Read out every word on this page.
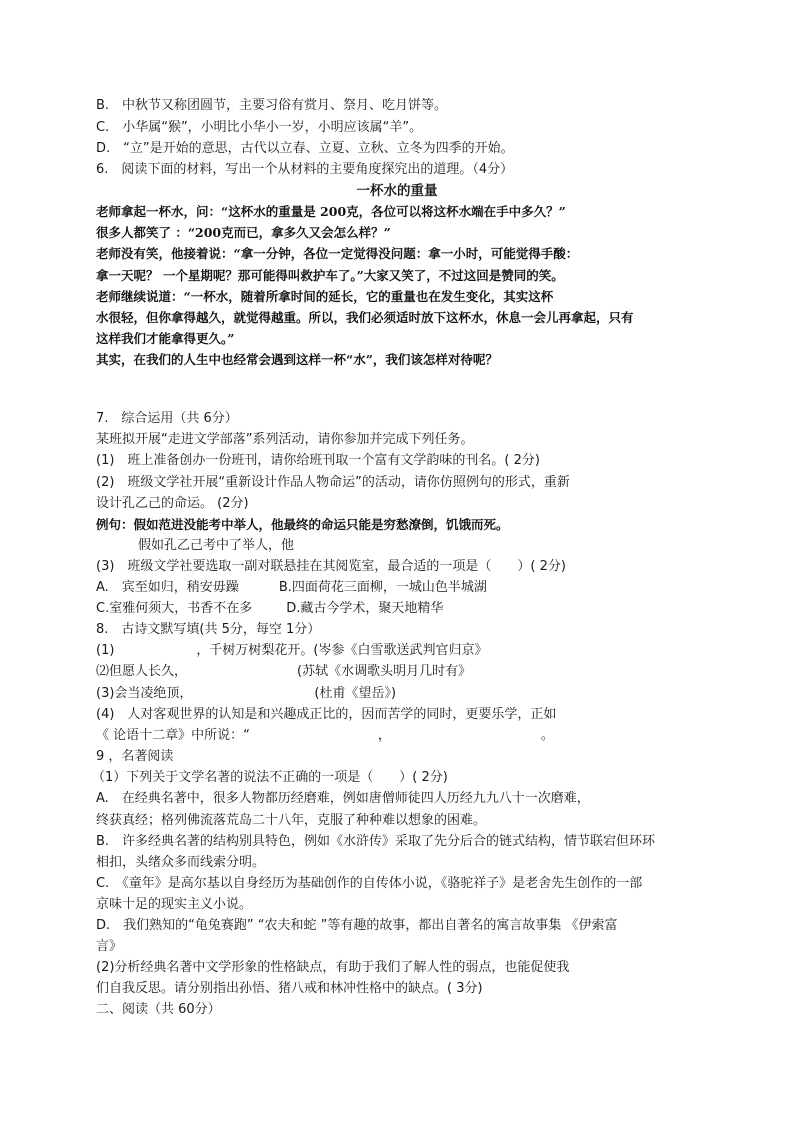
B.　中秋节又称团圆节，主要习俗有赏月、祭月、吃月饼等。
C.　小华属“猴”，小明比小华小一岁，小明应该属“羊”。
D.　“立”是开始的意思，古代以立春、立夏、立秋、立冬为四季的开始。
6.　阅读下面的材料，写出一个从材料的主要角度探究出的道理。（4分）
一杯水的重量
老师拿起一杯水，问：“这杯水的重量是 200克，各位可以将这杯水端在手中多久？”
很多人都笑了 ：“200克而已，拿多久又会怎么样？”
老师没有笑，他接着说：“拿一分钟，各位一定觉得没问题：拿一小时，可能觉得手酸：
拿一天呢？ 一个星期呢？那可能得叫救护车了。”大家又笑了，不过这回是赞同的笑。
老师继续说道：“一杯水，随着所拿时间的延长，它的重量也在发生变化，其实这杯
水很轻，但你拿得越久，就觉得越重。所以，我们必须适时放下这杯水，休息一会儿再拿起，只有
这样我们才能拿得更久。”
其实，在我们的人生中也经常会遇到这样一杯“水”，我们该怎样对待呢？
7.　综合运用（共 6分）
某班拟开展“走进文学部落”系列活动，请你参加并完成下列任务。
(1)　班上准备创办一份班刊，请你给班刊取一个富有文学韵味的刊名。( 2分)
(2)　班级文学社开展“重新设计作品人物命运”的活动，请你仿照例句的形式，重新
设计孔乙己的命运。 (2分)
例句：假如范进没能考中举人，他最终的命运只能是穷愁潦倒，饥饿而死。
假如孔乙己考中了举人，他
(3)　班级文学社要选取一副对联悬挂在其阅览室，最合适的一项是（　　）( 2分)
A.　宾至如归，稍安毋躁	B.四面荷花三面柳，一城山色半城湖
C.室雅何须大，书香不在多	D.藏古今学术，聚天地精华
8.　古诗文默写填(共 5分，每空 1分）
(1)	，千树万树梨花开。(岑参《白雪歌送武判官归京》
⑵但愿人长久，	(苏轼《水调歌头明月几时有》
(3)会当凌绝顶，	(杜甫《望岳》)
(4)　人对客观世界的认知是和兴趣成正比的，因而苦学的同时，更要乐学，正如
《 论语十二章》中所说：“	，	。
9 ，名著阅读
（1）下列关于文学名著的说法不正确的一项是（　　）( 2分)
A.　在经典名著中，很多人物都历经磨难，例如唐僧师徒四人历经九九八十一次磨难，
终获真经；格列佛流落荒岛二十八年，克服了种种难以想象的困难。
B.　许多经典名著的结构别具特色，例如《水浒传》采取了先分后合的链式结构，情节联宕但环环
相扣，头绪众多而线索分明。
C.　《童年》是高尔基以自身经历为基础创作的自传体小说，《骆驼祥子》是老舍先生创作的一部
京味十足的现实主义小说。
D.　我们熟知的“龟兔赛跑” “农夫和蛇 ”等有趣的故事，都出自著名的寓言故事集 《伊索富
言》
(2)分析经典名著中文学形象的性格缺点，有助于我们了解人性的弱点，也能促使我
们自我反思。请分别指出孙悟、猪八戒和林冲性格中的缺点。( 3分)
二、阅读（共 60分）
